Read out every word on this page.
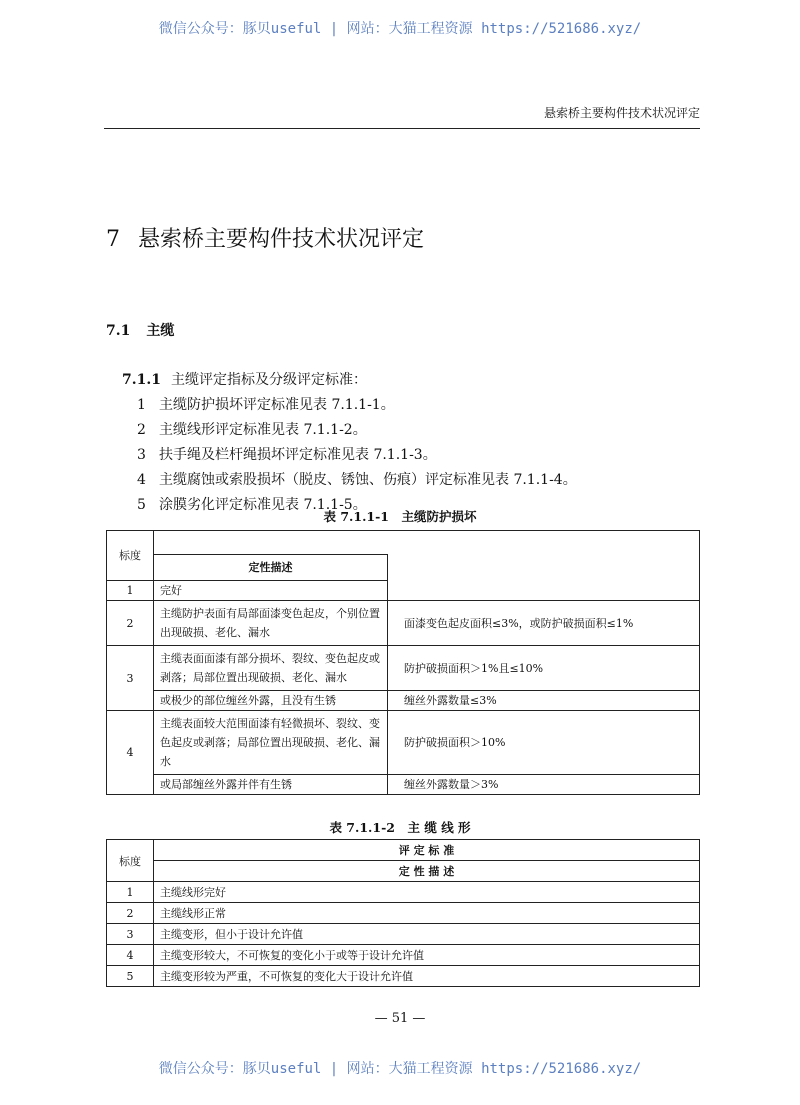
微信公众号：豚贝useful | 网站：大猫工程资源 https://521686.xyz/
悬索桥主要构件技术状况评定
7 悬索桥主要构件技术状况评定
7.1 主缆
7.1.1 主缆评定指标及分级评定标准：
1 主缆防护损坏评定标准见表 7.1.1-1。
2 主缆线形评定标准见表 7.1.1-2。
3 扶手绳及栏杆绳损坏评定标准见表 7.1.1-3。
4 主缆腐蚀或索股损坏（脱皮、锈蚀、伤痕）评定标准见表 7.1.1-4。
5 涂膜劣化评定标准见表 7.1.1-5。
表 7.1.1-1　主缆防护损坏
标度		
	定性描述	
1	完好	
2	主缆防护表面有局部面漆变色起皮，个别位置出现破损、老化、漏水	面漆变色起皮面积≤3%，或防护破损面积≤1%
3	主缆表面面漆有部分损坏、裂纹、变色起皮或剥落；局部位置出现破损、老化、漏水	防护破损面积＞1%且≤10%
	或极少的部位缠丝外露，且没有生锈	缠丝外露数量≤3%
4	主缆表面较大范围面漆有轻微损坏、裂纹、变色起皮或剥落；局部位置出现破损、老化、漏水	防护破损面积＞10%
	或局部缠丝外露并伴有生锈	缠丝外露数量＞3%
表 7.1.1-2　主 缆 线 形
标度	评 定 标 准
	定 性 描 述
1	主缆线形完好
2	主缆线形正常
3	主缆变形，但小于设计允许值
4	主缆变形较大，不可恢复的变化小于或等于设计允许值
5	主缆变形较为严重，不可恢复的变化大于设计允许值
— 51 —
微信公众号：豚贝useful | 网站：大猫工程资源 https://521686.xyz/
